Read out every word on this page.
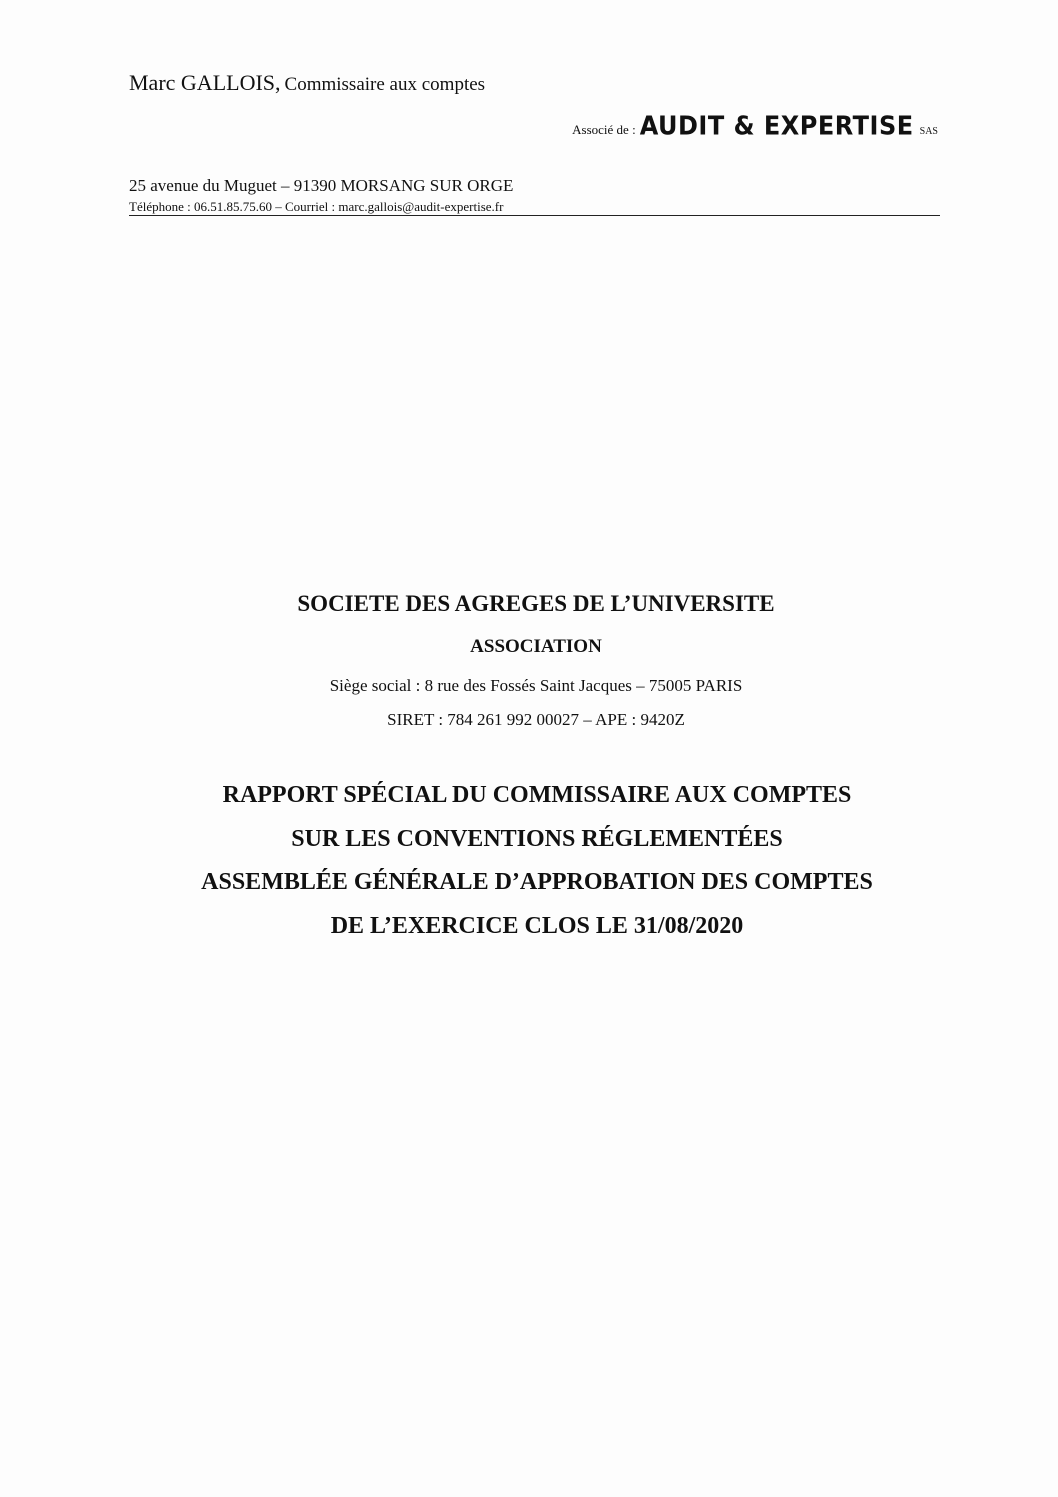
Marc GALLOIS, Commissaire aux comptes
Associé de : AUDIT & EXPERTISE SAS
25 avenue du Muguet – 91390 MORSANG SUR ORGE
Téléphone : 06.51.85.75.60 – Courriel : marc.gallois@audit-expertise.fr
SOCIETE DES AGREGES DE L’UNIVERSITE
ASSOCIATION
Siège social : 8 rue des Fossés Saint Jacques – 75005 PARIS
SIRET : 784 261 992 00027 – APE : 9420Z
RAPPORT SPÉCIAL DU COMMISSAIRE AUX COMPTES
SUR LES CONVENTIONS RÉGLEMENTÉES
ASSEMBLÉE GÉNÉRALE D’APPROBATION DES COMPTES
DE L’EXERCICE CLOS LE 31/08/2020
